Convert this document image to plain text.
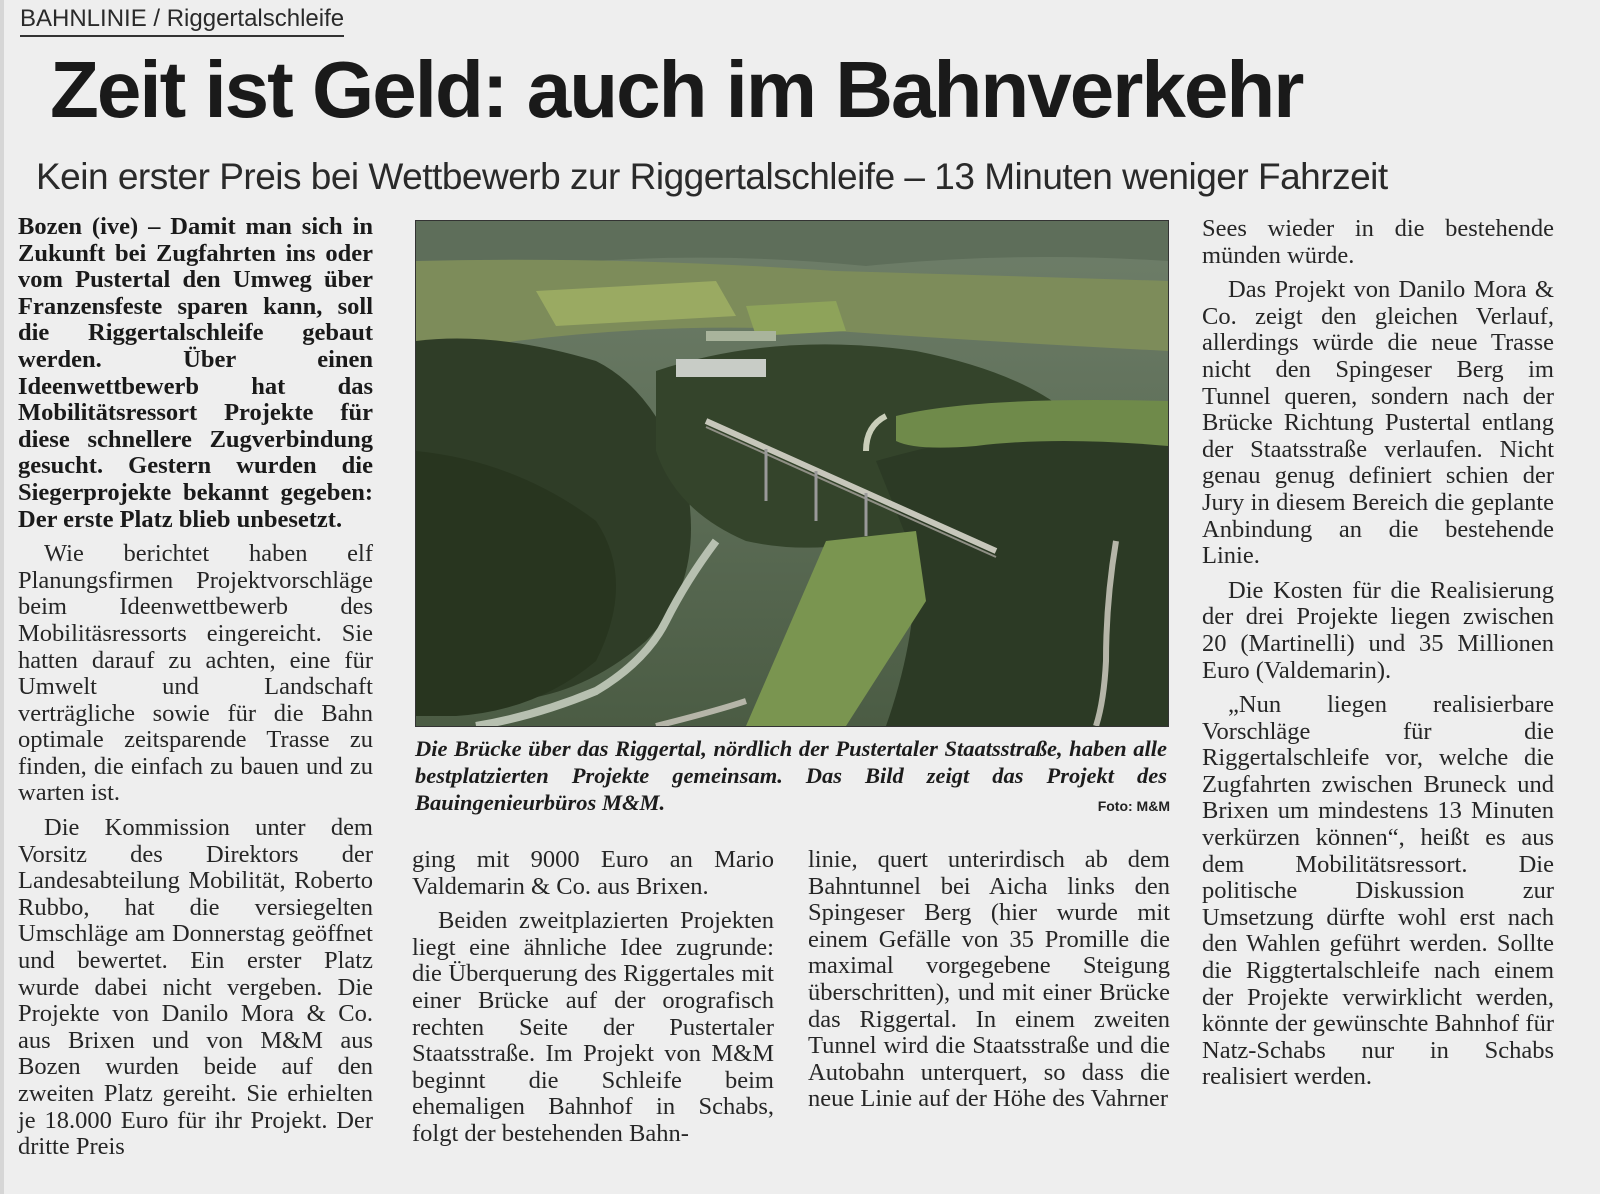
BAHNLINIE / Riggertalschleife
Zeit ist Geld: auch im Bahnverkehr
Kein erster Preis bei Wettbewerb zur Riggertalschleife – 13 Minuten weniger Fahrzeit

Bozen (ive) – Damit man sich in Zukunft bei Zugfahrten ins oder vom Pustertal den Umweg über Franzensfeste sparen kann, soll die Riggertalschleife gebaut werden. Über einen Ideenwettbewerb hat das Mobilitätsressort Projekte für diese schnellere Zugverbindung gesucht. Gestern wurden die Siegerprojekte bekannt gegeben: Der erste Platz blieb unbesetzt.

Wie berichtet haben elf Planungsfirmen Projektvorschläge beim Ideenwettbewerb des Mobilitäsressorts eingereicht. Sie hatten darauf zu achten, eine für Umwelt und Landschaft verträgliche sowie für die Bahn optimale zeitsparende Trasse zu finden, die einfach zu bauen und zu warten ist.

Die Kommission unter dem Vorsitz des Direktors der Landesabteilung Mobilität, Roberto Rubbo, hat die versiegelten Umschläge am Donnerstag geöffnet und bewertet. Ein erster Platz wurde dabei nicht vergeben. Die Projekte von Danilo Mora & Co. aus Brixen und von M&M aus Bozen wurden beide auf den zweiten Platz gereiht. Sie erhielten je 18.000 Euro für ihr Projekt. Der dritte Preis

Die Brücke über das Riggertal, nördlich der Pustertaler Staatsstraße, haben alle bestplatzierten Projekte gemeinsam. Das Bild zeigt das Projekt des Bauingenieurbüros M&M.	Foto: M&M

ging mit 9000 Euro an Mario Valdemarin & Co. aus Brixen.

Beiden zweitplazierten Projekten liegt eine ähnliche Idee zugrunde: die Überquerung des Riggertales mit einer Brücke auf der orografisch rechten Seite der Pustertaler Staatsstraße. Im Projekt von M&M beginnt die Schleife beim ehemaligen Bahnhof in Schabs, folgt der bestehenden Bahn-

linie, quert unterirdisch ab dem Bahntunnel bei Aicha links den Spingeser Berg (hier wurde mit einem Gefälle von 35 Promille die maximal vorgegebene Steigung überschritten), und mit einer Brücke das Riggertal. In einem zweiten Tunnel wird die Staatsstraße und die Autobahn unterquert, so dass die neue Linie auf der Höhe des Vahrner

Sees wieder in die bestehende münden würde.

Das Projekt von Danilo Mora & Co. zeigt den gleichen Verlauf, allerdings würde die neue Trasse nicht den Spingeser Berg im Tunnel queren, sondern nach der Brücke Richtung Pustertal entlang der Staatsstraße verlaufen. Nicht genau genug definiert schien der Jury in diesem Bereich die geplante Anbindung an die bestehende Linie.

Die Kosten für die Realisierung der drei Projekte liegen zwischen 20 (Martinelli) und 35 Millionen Euro (Valdemarin).

„Nun liegen realisierbare Vorschläge für die Riggertalschleife vor, welche die Zugfahrten zwischen Bruneck und Brixen um mindestens 13 Minuten verkürzen können“, heißt es aus dem Mobilitätsressort. Die politische Diskussion zur Umsetzung dürfte wohl erst nach den Wahlen geführt werden. Sollte die Riggtertalschleife nach einem der Projekte verwirklicht werden, könnte der gewünschte Bahnhof für Natz-Schabs nur in Schabs realisiert werden.
